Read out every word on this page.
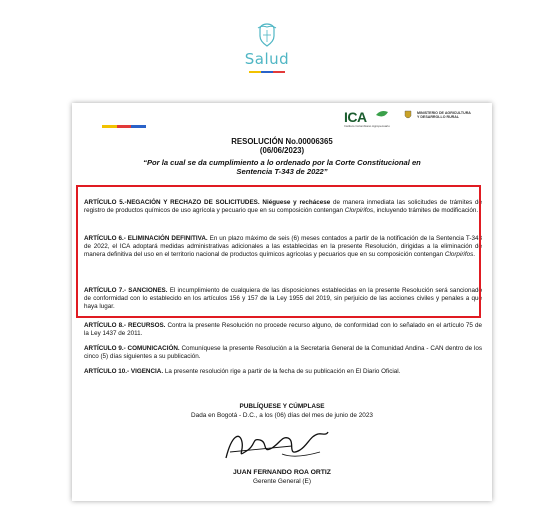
Salud
ICA
Instituto Colombiano Agropecuario
MINISTERIO DE AGRICULTURA
Y DESARROLLO RURAL
RESOLUCIÓN No.00006365
(06/06/2023)
“Por la cual se da cumplimiento a lo ordenado por la Corte Constitucional en Sentencia T-343 de 2022”
ARTÍCULO 5.-NEGACIÓN Y RECHAZO DE SOLICITUDES. Niéguese y rechácese de manera inmediata las solicitudes de trámites de registro de productos químicos de uso agrícola y pecuario que en su composición contengan Clorpirifos, incluyendo trámites de modificación.
ARTÍCULO 6.- ELIMINACIÓN DEFINITIVA. En un plazo máximo de seis (6) meses contados a partir de la notificación de la Sentencia T-343 de 2022, el ICA adoptará medidas administrativas adicionales a las establecidas en la presente Resolución, dirigidas a la eliminación de manera definitiva del uso en el territorio nacional de productos químicos agrícolas y pecuarios que en su composición contengan Clorpirifos.
ARTÍCULO 7.- SANCIONES. El incumplimiento de cualquiera de las disposiciones establecidas en la presente Resolución será sancionado de conformidad con lo establecido en los artículos 156 y 157 de la Ley 1955 del 2019, sin perjuicio de las acciones civiles y penales a que haya lugar.
ARTÍCULO 8.- RECURSOS. Contra la presente Resolución no procede recurso alguno, de conformidad con lo señalado en el artículo 75 de la Ley 1437 de 2011.
ARTÍCULO 9.- COMUNICACIÓN. Comuníquese la presente Resolución a la Secretaría General de la Comunidad Andina - CAN dentro de los cinco (5) días siguientes a su publicación.
ARTÍCULO 10.- VIGENCIA. La presente resolución rige a partir de la fecha de su publicación en El Diario Oficial.
PUBLÍQUESE Y CÚMPLASE
Dada en Bogotá - D.C., a los (06) días del mes de junio de 2023
JUAN FERNANDO ROA ORTIZ
Gerente General (E)
